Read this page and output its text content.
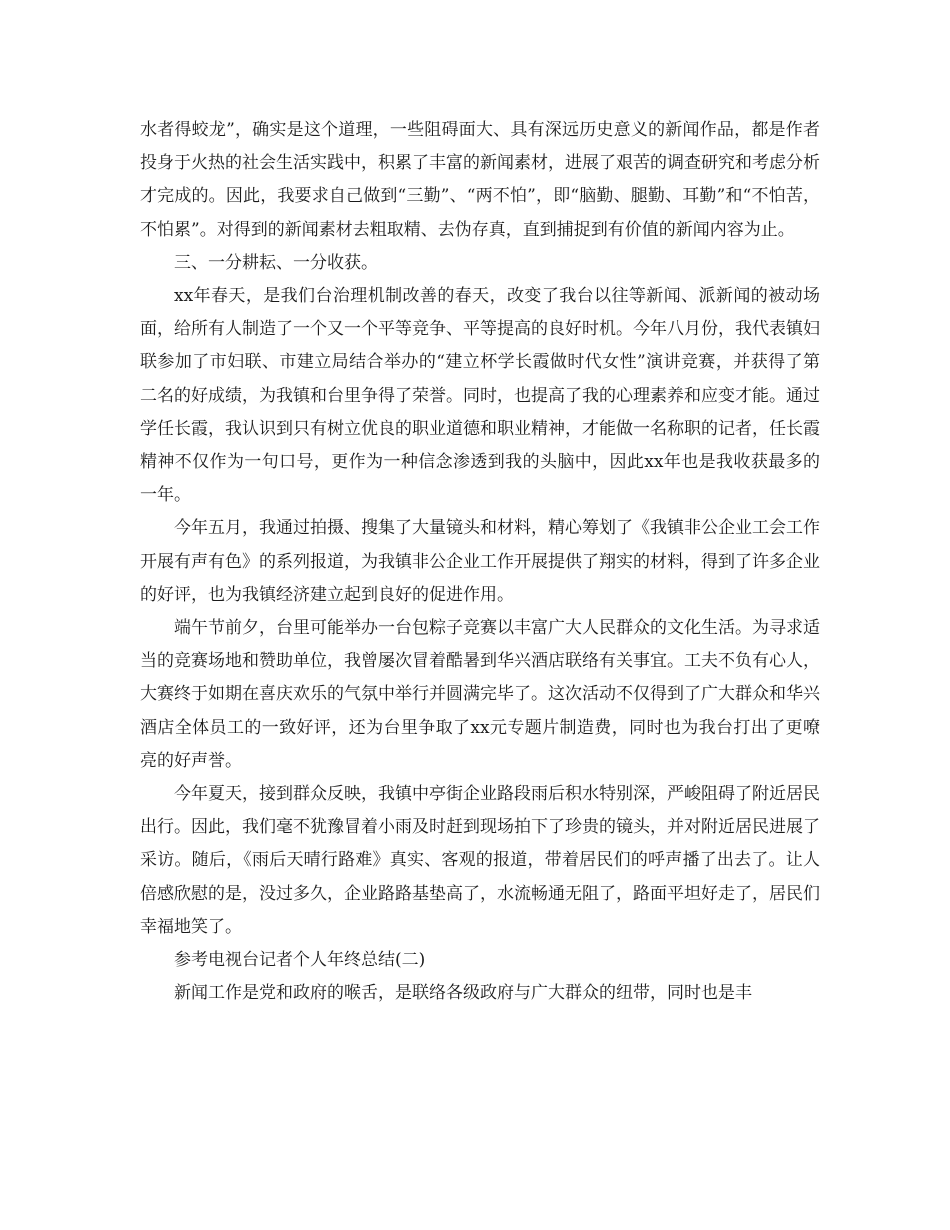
水者得蛟龙”，确实是这个道理，一些阻碍面大、具有深远历史意义的新闻作品，都是作者投身于火热的社会生活实践中，积累了丰富的新闻素材，进展了艰苦的调查研究和考虑分析才完成的。因此，我要求自己做到“三勤”、“两不怕”，即“脑勤、腿勤、耳勤”和“不怕苦，不怕累”。对得到的新闻素材去粗取精、去伪存真，直到捕捉到有价值的新闻内容为止。

三、一分耕耘、一分收获。

xx年春天，是我们台治理机制改善的春天，改变了我台以往等新闻、派新闻的被动场面，给所有人制造了一个又一个平等竞争、平等提高的良好时机。今年八月份，我代表镇妇联参加了市妇联、市建立局结合举办的“建立杯学长霞做时代女性”演讲竞赛，并获得了第二名的好成绩，为我镇和台里争得了荣誉。同时，也提高了我的心理素养和应变才能。通过学任长霞，我认识到只有树立优良的职业道德和职业精神，才能做一名称职的记者，任长霞精神不仅作为一句口号，更作为一种信念渗透到我的头脑中，因此xx年也是我收获最多的一年。

今年五月，我通过拍摄、搜集了大量镜头和材料，精心筹划了《我镇非公企业工会工作开展有声有色》的系列报道，为我镇非公企业工作开展提供了翔实的材料，得到了许多企业的好评，也为我镇经济建立起到良好的促进作用。

端午节前夕，台里可能举办一台包粽子竞赛以丰富广大人民群众的文化生活。为寻求适当的竞赛场地和赞助单位，我曾屡次冒着酷暑到华兴酒店联络有关事宜。工夫不负有心人，大赛终于如期在喜庆欢乐的气氛中举行并圆满完毕了。这次活动不仅得到了广大群众和华兴酒店全体员工的一致好评，还为台里争取了xx元专题片制造费，同时也为我台打出了更嘹亮的好声誉。

今年夏天，接到群众反映，我镇中亭街企业路段雨后积水特别深，严峻阻碍了附近居民出行。因此，我们毫不犹豫冒着小雨及时赶到现场拍下了珍贵的镜头，并对附近居民进展了采访。随后，《雨后天晴行路难》真实、客观的报道，带着居民们的呼声播了出去了。让人倍感欣慰的是，没过多久，企业路路基垫高了，水流畅通无阻了，路面平坦好走了，居民们幸福地笑了。

参考电视台记者个人年终总结(二)

新闻工作是党和政府的喉舌，是联络各级政府与广大群众的纽带，同时也是丰
